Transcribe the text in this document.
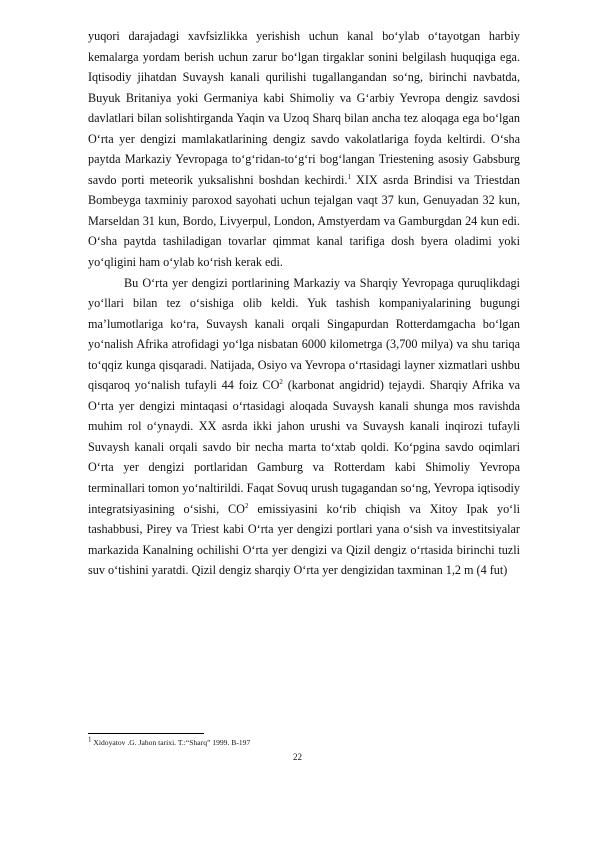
yuqori darajadagi xavfsizlikka yerishish uchun kanal bo‘ylab o‘tayotgan harbiy kemalarga yordam berish uchun zarur bo‘lgan tirgaklar sonini belgilash huquqiga ega. Iqtisodiy jihatdan Suvaysh kanali qurilishi tugallangandan so‘ng, birinchi navbatda, Buyuk Britaniya yoki Germaniya kabi Shimoliy va G‘arbiy Yevropa dengiz savdosi davlatlari bilan solishtirganda Yaqin va Uzoq Sharq bilan ancha tez aloqaga ega bo‘lgan O‘rta yer dengizi mamlakatlarining dengiz savdo vakolatlariga foyda keltirdi. O‘sha paytda Markaziy Yevropaga to‘g‘ridan-to‘g‘ri bog‘langan Triestening asosiy Gabsburg savdo porti meteorik yuksalishni boshdan kechirdi.$^1$ XIX asrda Brindisi va Triestdan Bombeyga taxminiy paroxod sayohati uchun tejalgan vaqt 37 kun, Genuyadan 32 kun, Marseldan 31 kun, Bordo, Livyerpul, London, Amstyerdam va Gamburgdan 24 kun edi. O‘sha paytda tashiladigan tovarlar qimmat kanal tarifiga dosh byera oladimi yoki yo‘qligini ham o‘ylab ko‘rish kerak edi.

Bu O‘rta yer dengizi portlarining Markaziy va Sharqiy Yevropaga quruqlikdagi yo‘llari bilan tez o‘sishiga olib keldi. Yuk tashish kompaniyalarining bugungi ma’lumotlariga ko‘ra, Suvaysh kanali orqali Singapurdan Rotterdamgacha bo‘lgan yo‘nalish Afrika atrofidagi yo‘lga nisbatan 6000 kilometrga (3,700 milya) va shu tariqa to‘qqiz kunga qisqaradi. Natijada, Osiyo va Yevropa o‘rtasidagi layner xizmatlari ushbu qisqaroq yo‘nalish tufayli 44 foiz $CO^2$ (karbonat angidrid) tejaydi. Sharqiy Afrika va O‘rta yer dengizi mintaqasi o‘rtasidagi aloqada Suvaysh kanali shunga mos ravishda muhim rol o‘ynaydi. XX asrda ikki jahon urushi va Suvaysh kanali inqirozi tufayli Suvaysh kanali orqali savdo bir necha marta to‘xtab qoldi. Ko‘pgina savdo oqimlari O‘rta yer dengizi portlaridan Gamburg va Rotterdam kabi Shimoliy Yevropa terminallari tomon yo‘naltirildi. Faqat Sovuq urush tugagandan so‘ng, Yevropa iqtisodiy integratsiyasining o‘sishi, $CO^2$ emissiyasini ko‘rib chiqish va Xitoy Ipak yo‘li tashabbusi, Pirey va Triest kabi O‘rta yer dengizi portlari yana o‘sish va investitsiyalar markazida Kanalning ochilishi O‘rta yer dengizi va Qizil dengiz o‘rtasida birinchi tuzli suv o‘tishini yaratdi. Qizil dengiz sharqiy O‘rta yer dengizidan taxminan 1,2 m (4 fut)

$^1$ Xidoyatov .G. Jahon tarixi. T.:“Sharq” 1999. B-197
22
